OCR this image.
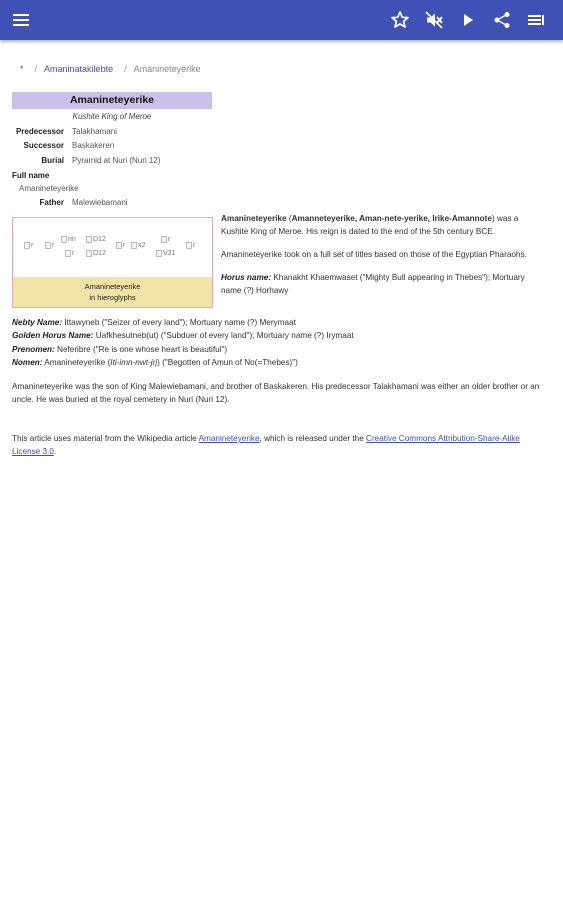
* / Amaninatakilebte / Amanineteyerike
Amanineteyerike
Kushite King of Meroe
Predecessor	Talakhamani
Successor	Baskakeren
Burial	Pyramid at Nuri (Nuri 12)
Full name
Amanineteyerike
Father	Malewiebamani
r	r
nn D12
r x2
r
r	D12	V31
r
Amanineteyerike
in hieroglyphs

Amanineteyerike (Amanneteyerike, Aman-nete-yerike, Irike-Amannote) was a Kushite King of Meroe. His reign is dated to the end of the 5th century BCE.

Amanineteyerike took on a full set of titles based on those of the Egyptian Pharaohs.

Horus name: Khanakht Khaemwaset ("Mighty Bull appearing in Thebes"); Mortuary name (?) Horhawy

Nebty Name: Ittawyneb ("Seizer of every land"); Mortuary name (?) Merymaat
Golden Horus Name: Uafkhesutneb(ut) ("Subduer of every land"); Mortuary name (?) Irymaat
Prenomen: Neferibre ("Re is one whose heart is beautiful")
Nomen: Amanineteyerike (Iti-imn-nwt-jrj) ("Begotten of Amun of No(=Thebes)")
Amanineteyerike was the son of King Malewiebamani, and brother of Baskakeren. His predecessor Talakhamani was either an older brother or an uncle. He was buried at the royal cemetery in Nuri (Nuri 12).
This article uses material from the Wikipedia article Amanineteyerike, which is released under the Creative Commons Attribution-Share-Alike License 3.0.
